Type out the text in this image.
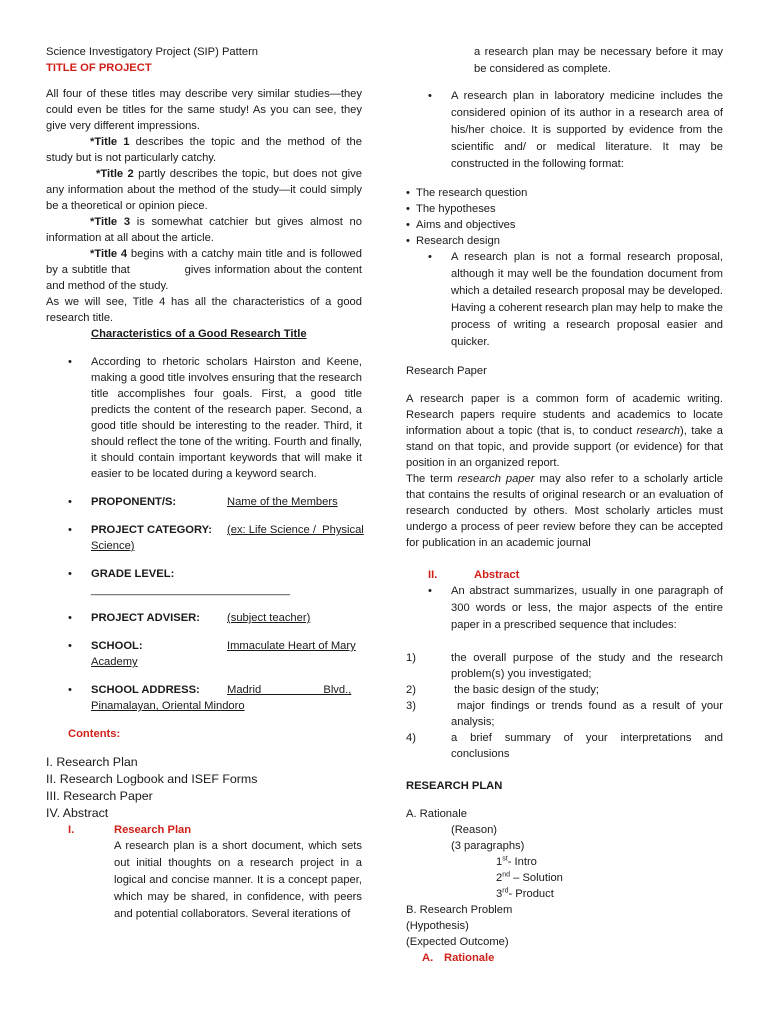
Science Investigatory Project (SIP) Pattern

TITLE OF PROJECT

All four of these titles may describe very similar studies—they could even be titles for the same study! As you can see, they give very different impressions.

*Title 1 describes the topic and the method of the study but is not particularly catchy.

*Title 2 partly describes the topic, but does not give any information about the method of the study—it could simply be a theoretical or opinion piece.

*Title 3 is somewhat catchier but gives almost no information at all about the article.

*Title 4 begins with a catchy main title and is followed by a subtitle that              gives information about the content and method of the study.

As we will see, Title 4 has all the characteristics of a good research title.

Characteristics of a Good Research Title

• According to rhetoric scholars Hairston and Keene, making a good title involves ensuring that the research title accomplishes four goals. First, a good title predicts the content of the research paper. Second, a good title should be interesting to the reader. Third, it should reflect the tone of the writing. Fourth and finally, it should contain important keywords that will make it easier to be located during a keyword search.

• PROPONENT/S:	Name of the Members
• PROJECT CATEGORY:	(ex: Life Science /  Physical
Science)
• GRADE LEVEL:
________________________________
• PROJECT ADVISER:	(subject teacher)
• SCHOOL:	Immaculate Heart of Mary
Academy
• SCHOOL ADDRESS:	Madrid                    Blvd.,
Pinamalayan, Oriental Mindoro

Contents:

I. Research Plan

II. Research Logbook and ISEF Forms

III. Research Paper

IV. Abstract

I.	Research Plan

A research plan is a short document, which sets out initial thoughts on a research project in a logical and concise manner. It is a concept paper, which may be shared, in confidence, with peers and potential collaborators. Several iterations of

a research plan may be necessary before it may be considered as complete.

• A research plan in laboratory medicine includes the considered opinion of its author in a research area of his/her choice. It is supported by evidence from the scientific and/ or medical literature. It may be constructed in the following format:

• The research question

• The hypotheses

• Aims and objectives

• Research design

• A research plan is not a formal research proposal, although it may well be the foundation document from which a detailed research proposal may be developed. Having a coherent research plan may help to make the process of writing a research proposal easier and quicker.

Research Paper

A research paper is a common form of academic writing. Research papers require students and academics to locate information about a topic (that is, to conduct research), take a stand on that topic, and provide support (or evidence) for that position in an organized report.

The term research paper may also refer to a scholarly article that contains the results of original research or an evaluation of research conducted by others. Most scholarly articles must undergo a process of peer review before they can be accepted for publication in an academic journal

II.	Abstract

• An abstract summarizes, usually in one paragraph of 300 words or less, the major aspects of the entire paper in a prescribed sequence that includes:

1)	the overall purpose of the study and the research problem(s) you investigated;
2)	the basic design of the study;
3)	major findings or trends found as a result of your analysis;
4)	a brief summary of your interpretations and conclusions

RESEARCH PLAN

A. Rationale

(Reason)

(3 paragraphs)

1st- Intro

2nd – Solution

3rd- Product

B. Research Problem

(Hypothesis)

(Expected Outcome)

A. Rationale
